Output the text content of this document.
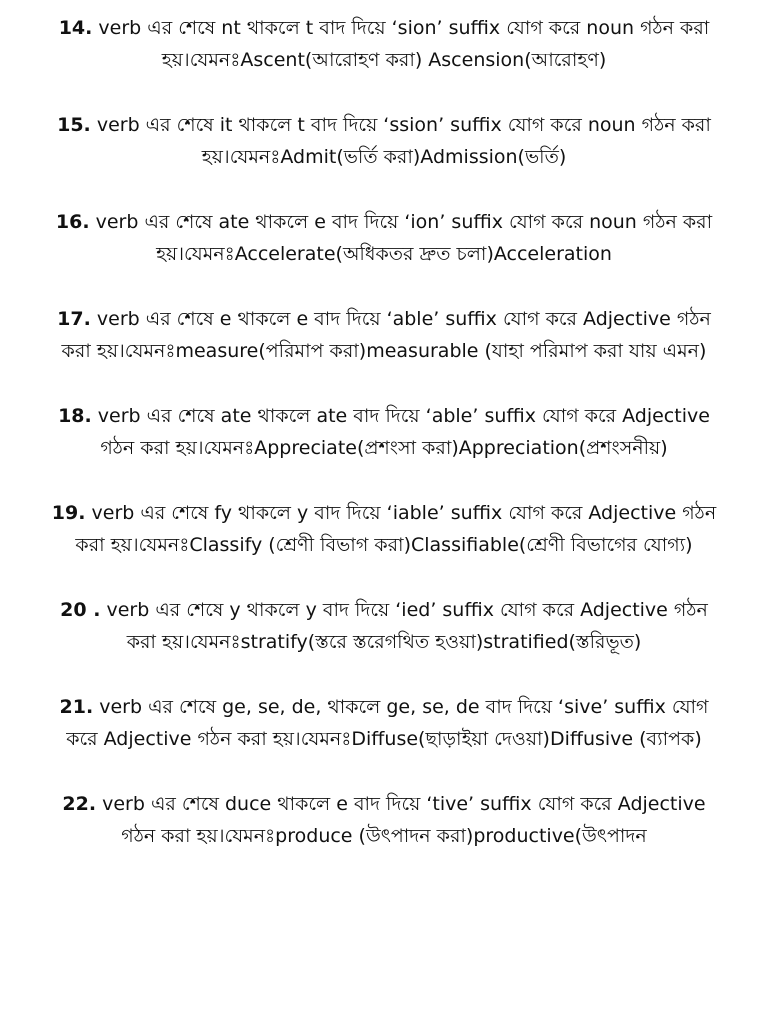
14. verb এর শেষে nt থাকলে t বাদ দিয়ে ‘sion’ suffix যোগ করে noun গঠন করা হয়।যেমনঃAscent(আরোহণ করা) Ascension(আরোহণ)

15. verb এর শেষে it থাকলে t বাদ দিয়ে ‘ssion’ suffix যোগ করে noun গঠন করা হয়।যেমনঃAdmit(ভর্তি করা)Admission(ভর্তি)

16. verb এর শেষে ate থাকলে e বাদ দিয়ে ‘ion’ suffix যোগ করে noun গঠন করা হয়।যেমনঃAccelerate(অধিকতর দ্রুত চলা)Acceleration

17. verb এর শেষে e থাকলে e বাদ দিয়ে ‘able’ suffix যোগ করে Adjective গঠন করা হয়।যেমনঃmeasure(পরিমাপ করা)measurable (যাহা পরিমাপ করা যায় এমন)

18. verb এর শেষে ate থাকলে ate বাদ দিয়ে ‘able’ suffix যোগ করে Adjective গঠন করা হয়।যেমনঃAppreciate(প্রশংসা করা)Appreciation(প্রশংসনীয়)

19. verb এর শেষে fy থাকলে y বাদ দিয়ে ‘iable’ suffix যোগ করে Adjective গঠন করা হয়।যেমনঃClassify (শ্রেণী বিভাগ করা)Classifiable(শ্রেণী বিভাগের যোগ্য)

20 . verb এর শেষে y থাকলে y বাদ দিয়ে ‘ied’ suffix যোগ করে Adjective গঠন করা হয়।যেমনঃstratify(স্তরে স্তরেগথিত হওয়া)stratified(স্তরিভূত)

21. verb এর শেষে ge, se, de, থাকলে ge, se, de বাদ দিয়ে ‘sive’ suffix যোগ করে Adjective গঠন করা হয়।যেমনঃDiffuse(ছাড়াইয়া দেওয়া)Diffusive (ব্যাপক)

22. verb এর শেষে duce থাকলে e বাদ দিয়ে ‘tive’ suffix যোগ করে Adjective গঠন করা হয়।যেমনঃproduce (উৎপাদন করা)productive(উৎপাদন
